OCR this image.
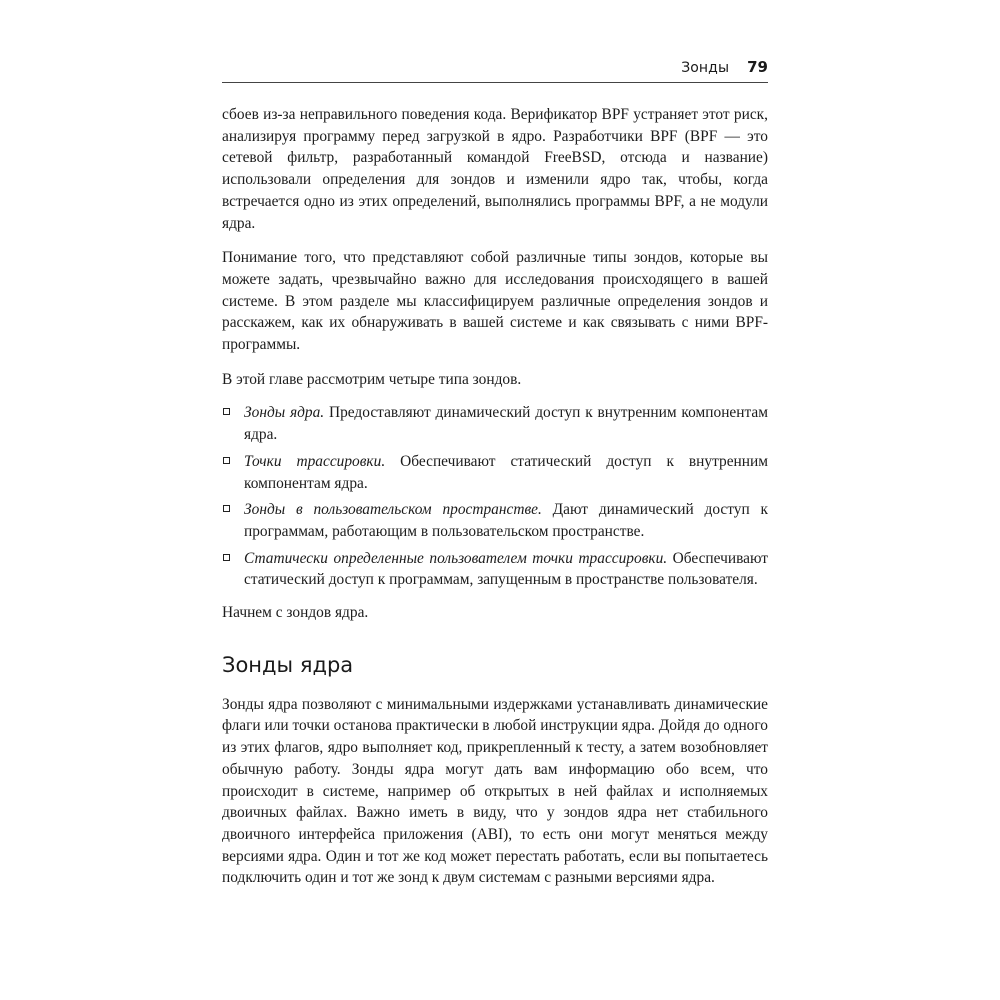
Зонды 79

сбоев из-за неправильного поведения кода. Верификатор BPF устраняет этот риск, анализируя программу перед загрузкой в ядро. Разработчики BPF (BPF — это сетевой фильтр, разработанный командой FreeBSD, отсюда и название) использовали определения для зондов и изменили ядро так, чтобы, когда встречается одно из этих определений, выполнялись программы BPF, а не модули ядра.

Понимание того, что представляют собой различные типы зондов, которые вы можете задать, чрезвычайно важно для исследования происходящего в вашей системе. В этом разделе мы классифицируем различные определения зондов и расскажем, как их обнаруживать в вашей системе и как связывать с ними BPF-программы.

В этой главе рассмотрим четыре типа зондов.

Зонды ядра. Предоставляют динамический доступ к внутренним компонентам ядра.
Точки трассировки. Обеспечивают статический доступ к внутренним компонентам ядра.
Зонды в пользовательском пространстве. Дают динамический доступ к программам, работающим в пользовательском пространстве.
Статически определенные пользователем точки трассировки. Обеспечивают статический доступ к программам, запущенным в пространстве пользователя.

Начнем с зондов ядра.

Зонды ядра

Зонды ядра позволяют с минимальными издержками устанавливать динамические флаги или точки останова практически в любой инструкции ядра. Дойдя до одного из этих флагов, ядро выполняет код, прикрепленный к тесту, а затем возобновляет обычную работу. Зонды ядра могут дать вам информацию обо всем, что происходит в системе, например об открытых в ней файлах и исполняемых двоичных файлах. Важно иметь в виду, что у зондов ядра нет стабильного двоичного интерфейса приложения (ABI), то есть они могут меняться между версиями ядра. Один и тот же код может перестать работать, если вы попытаетесь подключить один и тот же зонд к двум системам с разными версиями ядра.
